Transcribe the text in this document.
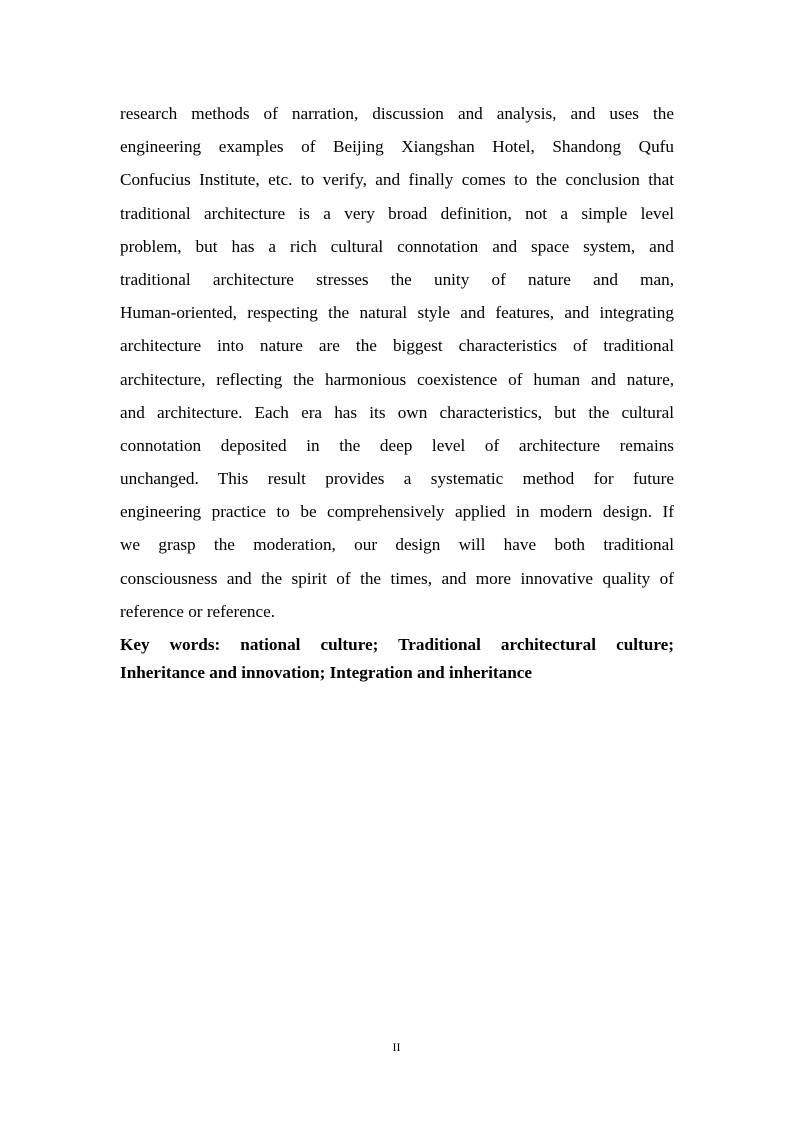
research methods of narration, discussion and analysis, and uses the
engineering examples of Beijing Xiangshan Hotel, Shandong Qufu
Confucius Institute, etc. to verify, and finally comes to the conclusion that
traditional architecture is a very broad definition, not a simple level
problem, but has a rich cultural connotation and space system, and
traditional architecture stresses the unity of nature and man,
Human-oriented, respecting the natural style and features, and integrating
architecture into nature are the biggest characteristics of traditional
architecture, reflecting the harmonious coexistence of human and nature,
and architecture. Each era has its own characteristics, but the cultural
connotation deposited in the deep level of architecture remains
unchanged. This result provides a systematic method for future
engineering practice to be comprehensively applied in modern design. If
we grasp the moderation, our design will have both traditional
consciousness and the spirit of the times, and more innovative quality of
reference or reference.
Key words: national culture; Traditional architectural culture;
Inheritance and innovation; Integration and inheritance
II
